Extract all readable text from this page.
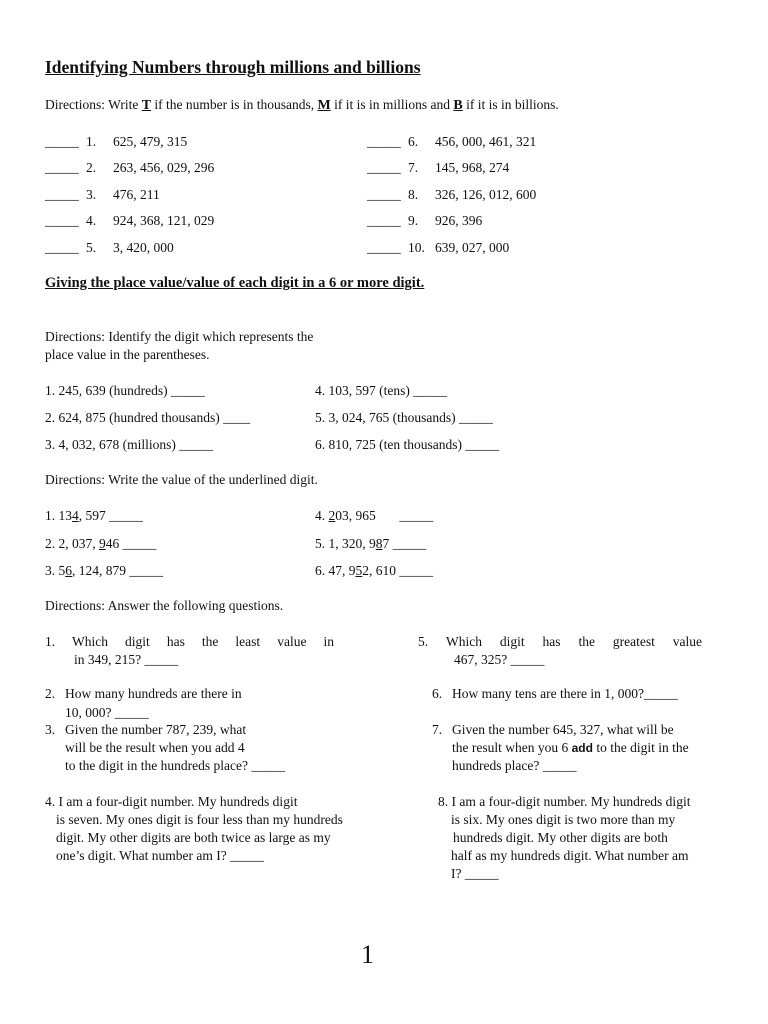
Identifying Numbers through millions and billions
Directions: Write T if the number is in thousands, M if it is in millions and B if it is in billions.
_____ 1. 625, 479, 315
_____ 2. 263, 456, 029, 296
_____ 3. 476, 211
_____ 4. 924, 368, 121, 029
_____ 5. 3, 420, 000
_____ 6. 456, 000, 461, 321
_____ 7. 145, 968, 274
_____ 8. 326, 126, 012, 600
_____ 9. 926, 396
_____ 10. 639, 027, 000
Giving the place value/value of each digit in a 6 or more digit.
Directions: Identify the digit which represents the
place value in the parentheses.
1. 245, 639 (hundreds) _____
2. 624, 875 (hundred thousands) ____
3. 4, 032, 678 (millions) _____
4. 103, 597 (tens) _____
5. 3, 024, 765 (thousands) _____
6. 810, 725 (ten thousands) _____
Directions: Write the value of the underlined digit.
1. 134, 597 _____
2. 2, 037, 946 _____
3. 56, 124, 879 _____
4. 203, 965       _____
5. 1, 320, 987 _____
6. 47, 952, 610 _____
Directions: Answer the following questions.
1. Which digit has the least value in
in 349, 215? _____
2. How many hundreds are there in
10, 000? _____
3. Given the number 787, 239, what
will be the result when you add 4
to the digit in the hundreds place? _____
4. I am a four-digit number. My hundreds digit
is seven. My ones digit is four less than my hundreds
digit. My other digits are both twice as large as my
one’s digit. What number am I? _____
5. Which digit has the greatest value
467, 325? _____
6. How many tens are there in 1, 000?_____
7. Given the number 645, 327, what will be
the result when you 6 add to the digit in the
hundreds place? _____
8. I am a four-digit number. My hundreds digit
is six. My ones digit is two more than my
hundreds digit. My other digits are both
half as my hundreds digit. What number am
I? _____
1
